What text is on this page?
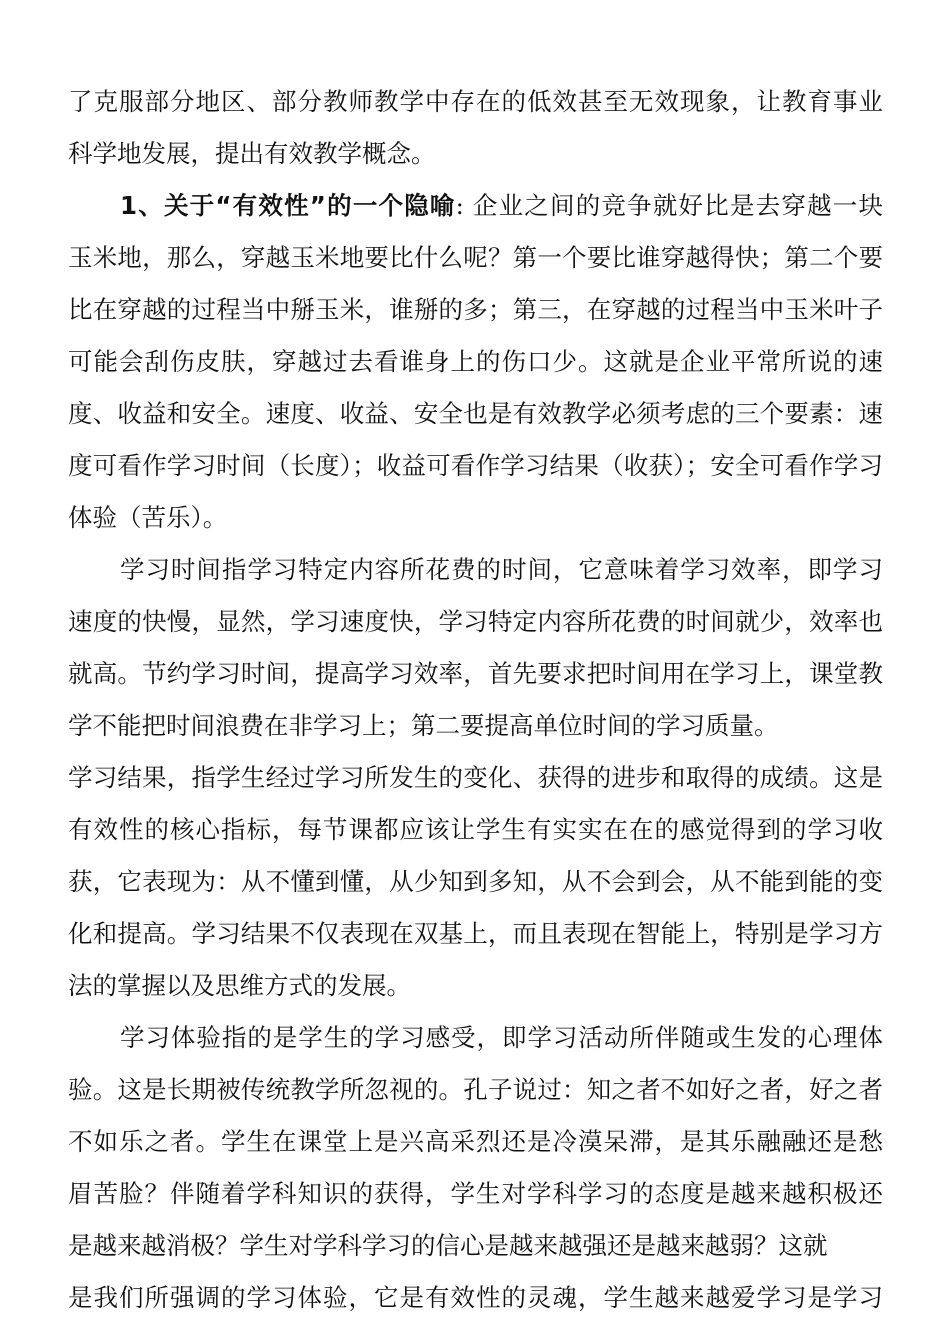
了克服部分地区、部分教师教学中存在的低效甚至无效现象，让教育事业
科学地发展，提出有效教学概念。
1、关于“有效性”的一个隐喻: 企业之间的竞争就好比是去穿越一块
玉米地，那么，穿越玉米地要比什么呢？第一个要比谁穿越得快；第二个要
比在穿越的过程当中掰玉米，谁掰的多；第三，在穿越的过程当中玉米叶子
可能会刮伤皮肤，穿越过去看谁身上的伤口少。这就是企业平常所说的速
度、收益和安全。速度、收益、安全也是有效教学必须考虑的三个要素：速
度可看作学习时间（长度）；收益可看作学习结果（收获）；安全可看作学习
体验（苦乐）。
学习时间指学习特定内容所花费的时间，它意味着学习效率，即学习
速度的快慢，显然，学习速度快，学习特定内容所花费的时间就少，效率也
就高。节约学习时间，提高学习效率，首先要求把时间用在学习上，课堂教
学不能把时间浪费在非学习上；第二要提高单位时间的学习质量。
学习结果，指学生经过学习所发生的变化、获得的进步和取得的成绩。这是
有效性的核心指标，每节课都应该让学生有实实在在的感觉得到的学习收
获，它表现为：从不懂到懂，从少知到多知，从不会到会，从不能到能的变
化和提高。学习结果不仅表现在双基上，而且表现在智能上，特别是学习方
法的掌握以及思维方式的发展。
学习体验指的是学生的学习感受，即学习活动所伴随或生发的心理体
验。这是长期被传统教学所忽视的。孔子说过：知之者不如好之者，好之者
不如乐之者。学生在课堂上是兴高采烈还是冷漠呆滞，是其乐融融还是愁
眉苦脸？伴随着学科知识的获得，学生对学科学习的态度是越来越积极还
是越来越消极？学生对学科学习的信心是越来越强还是越来越弱？这就
是我们所强调的学习体验，它是有效性的灵魂，学生越来越爱学习是学习
